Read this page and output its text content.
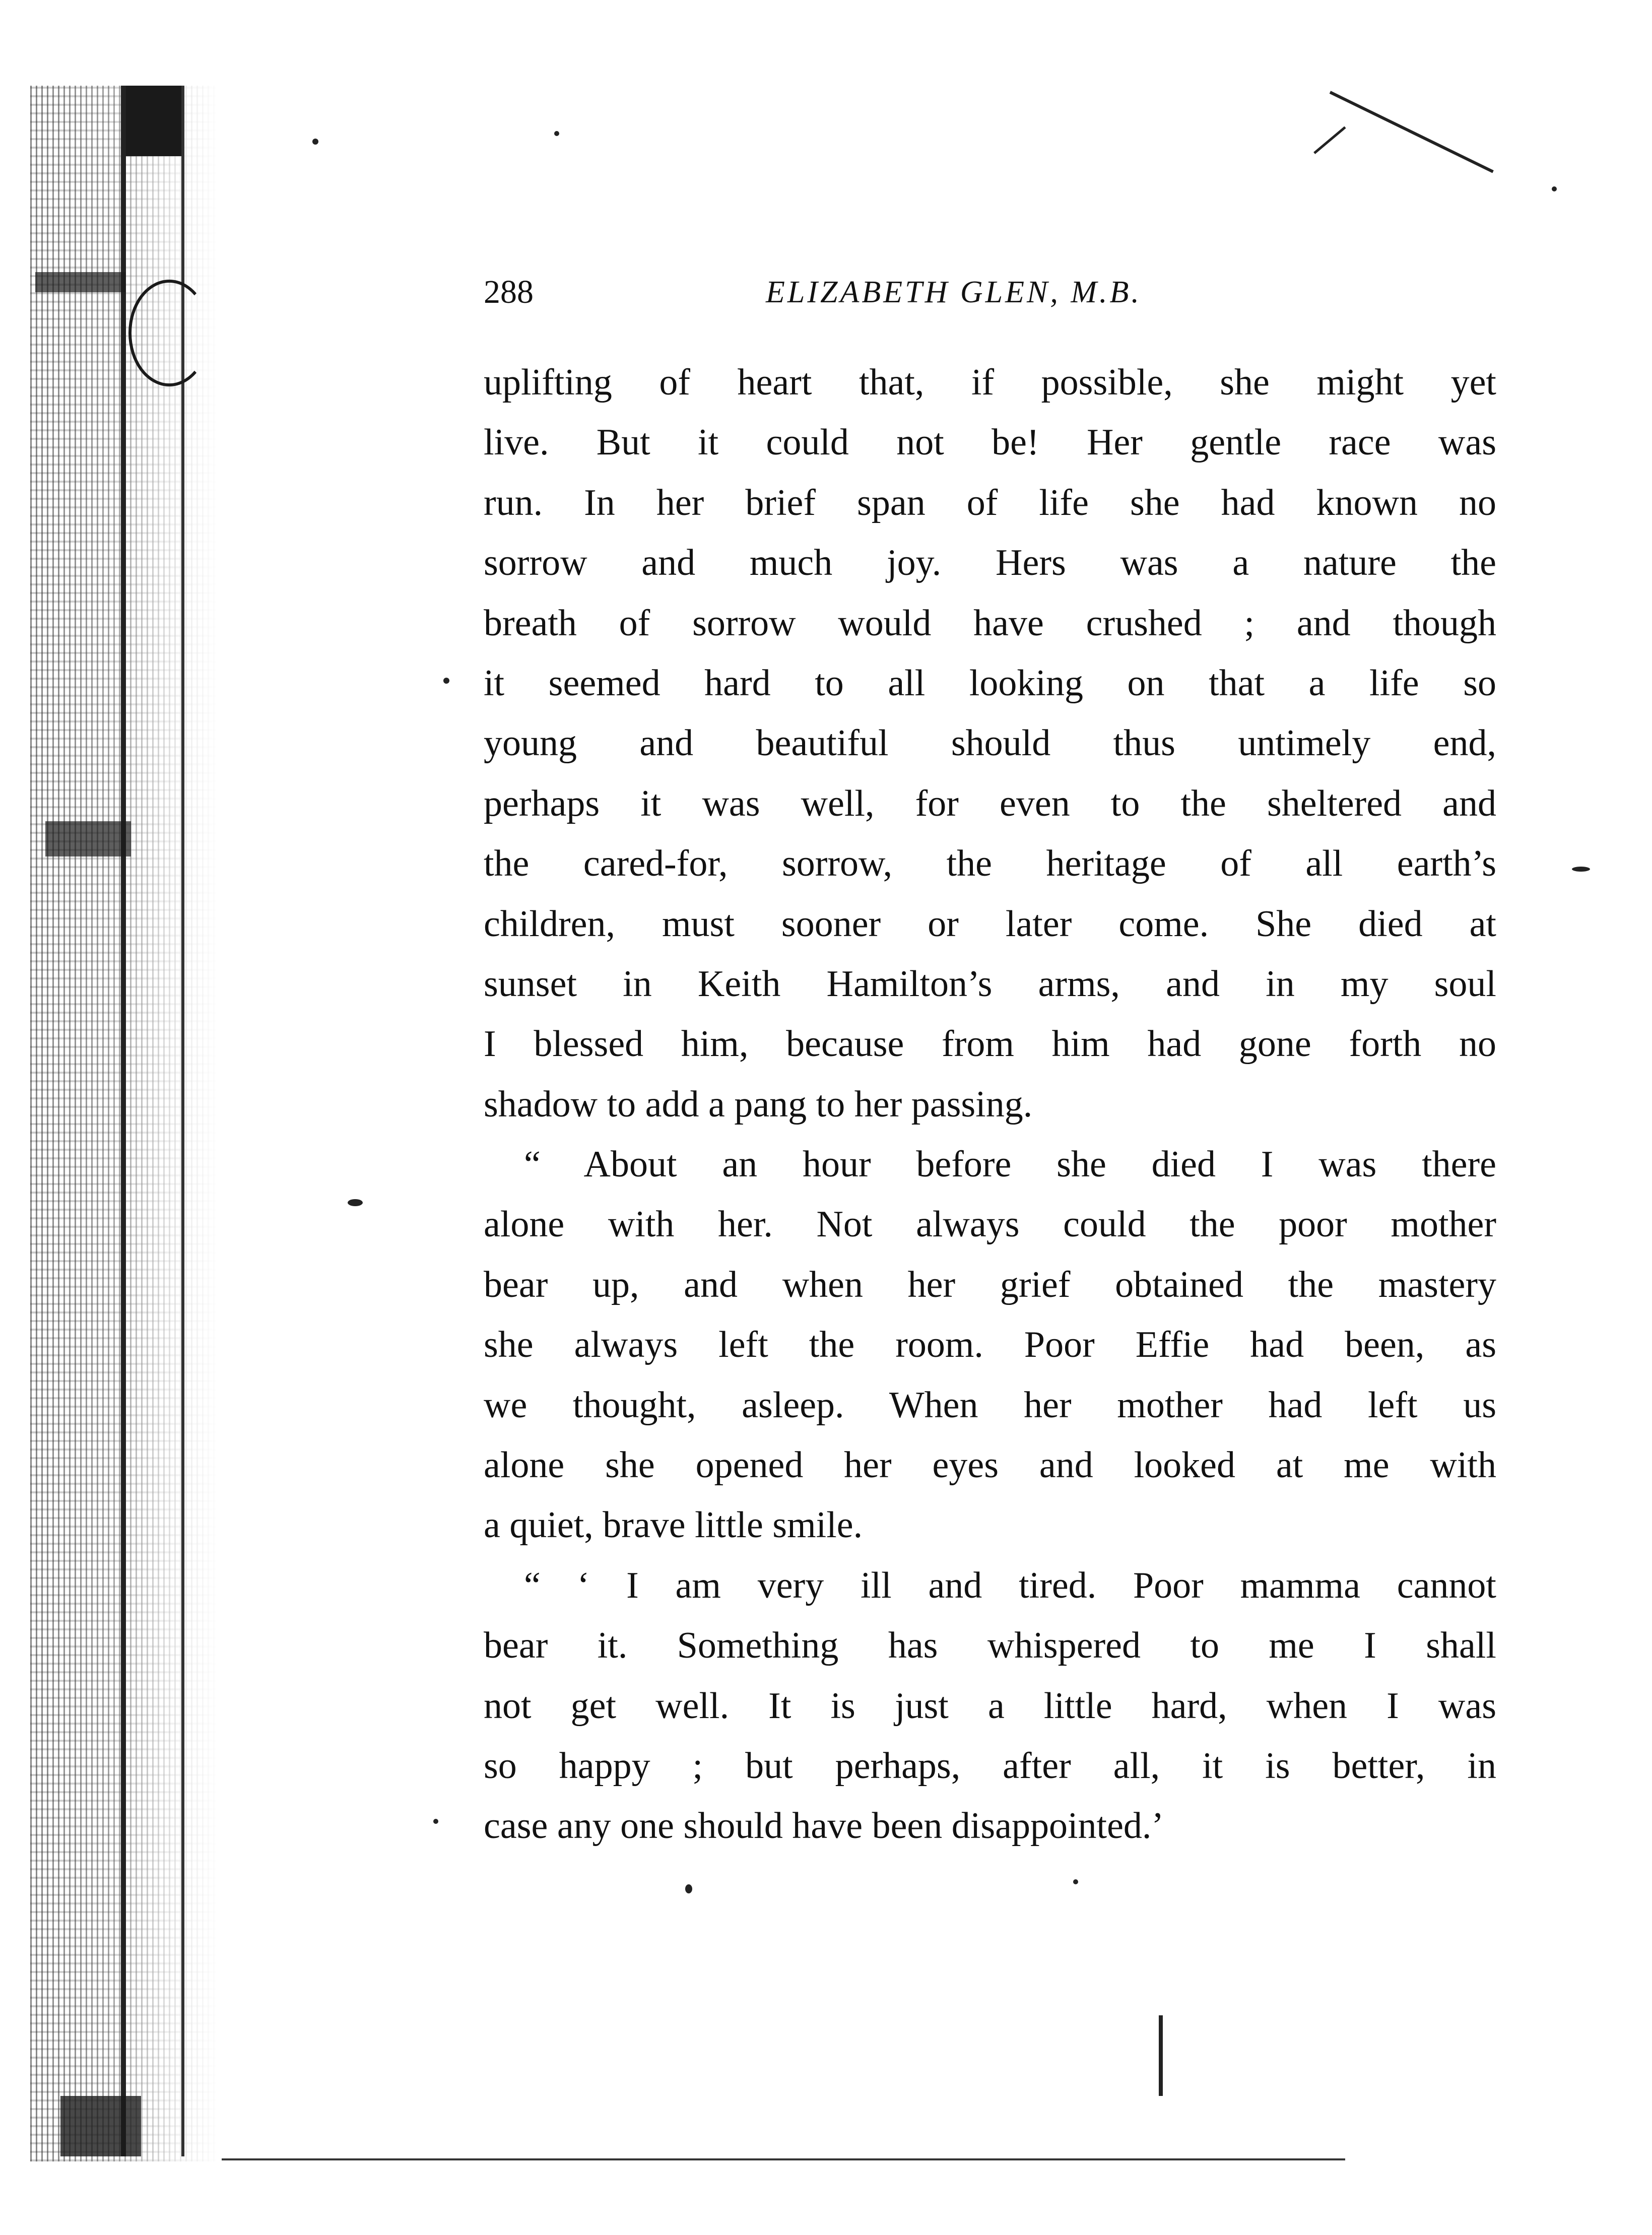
288	ELIZABETH GLEN, M.B.
uplifting of heart that, if possible, she might yet
live. But it could not be! Her gentle race was
run. In her brief span of life she had known no
sorrow and much joy. Hers was a nature the
breath of sorrow would have crushed ; and though
it seemed hard to all looking on that a life so
young and beautiful should thus untimely end,
perhaps it was well, for even to the sheltered and
the cared-for, sorrow, the heritage of all earth’s
children, must sooner or later come. She died at
sunset in Keith Hamilton’s arms, and in my soul
I blessed him, because from him had gone forth no
shadow to add a pang to her passing.
“ About an hour before she died I was there
alone with her. Not always could the poor mother
bear up, and when her grief obtained the mastery
she always left the room. Poor Effie had been, as
we thought, asleep. When her mother had left us
alone she opened her eyes and looked at me with
a quiet, brave little smile.
“ ‘ I am very ill and tired. Poor mamma cannot
bear it. Something has whispered to me I shall
not get well. It is just a little hard, when I was
so happy ; but perhaps, after all, it is better, in
case any one should have been disappointed.’
